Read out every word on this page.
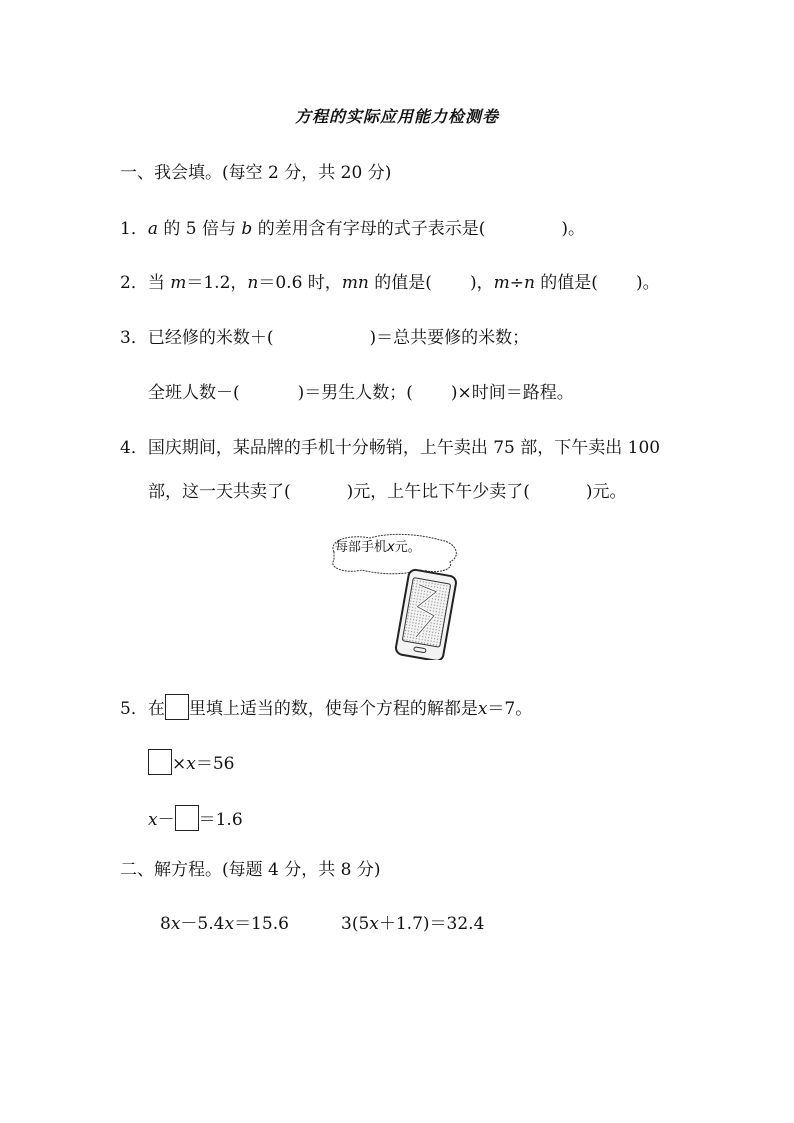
方程的实际应用能力检测卷
一、我会填。(每空 2 分，共 20 分)
1．a 的 5 倍与 b 的差用含有字母的式子表示是(	)。
2．当 m＝1.2，n＝0.6 时，mn 的值是( )，m÷n 的值是( )。
3．已经修的米数＋(	)＝总共要修的米数；
全班人数－(	)＝男生人数；( )×时间＝路程。
4．国庆期间，某品牌的手机十分畅销，上午卖出 75 部，下午卖出 100
部，这一天共卖了(	)元，上午比下午少卖了(	)元。
每部手机x元。
5．在 里填上适当的数，使每个方程的解都是x＝7。
×x＝56
x－ ＝1.6
二、解方程。(每题 4 分，共 8 分)
8x－5.4x＝15.6	3(5x＋1.7)＝32.4
